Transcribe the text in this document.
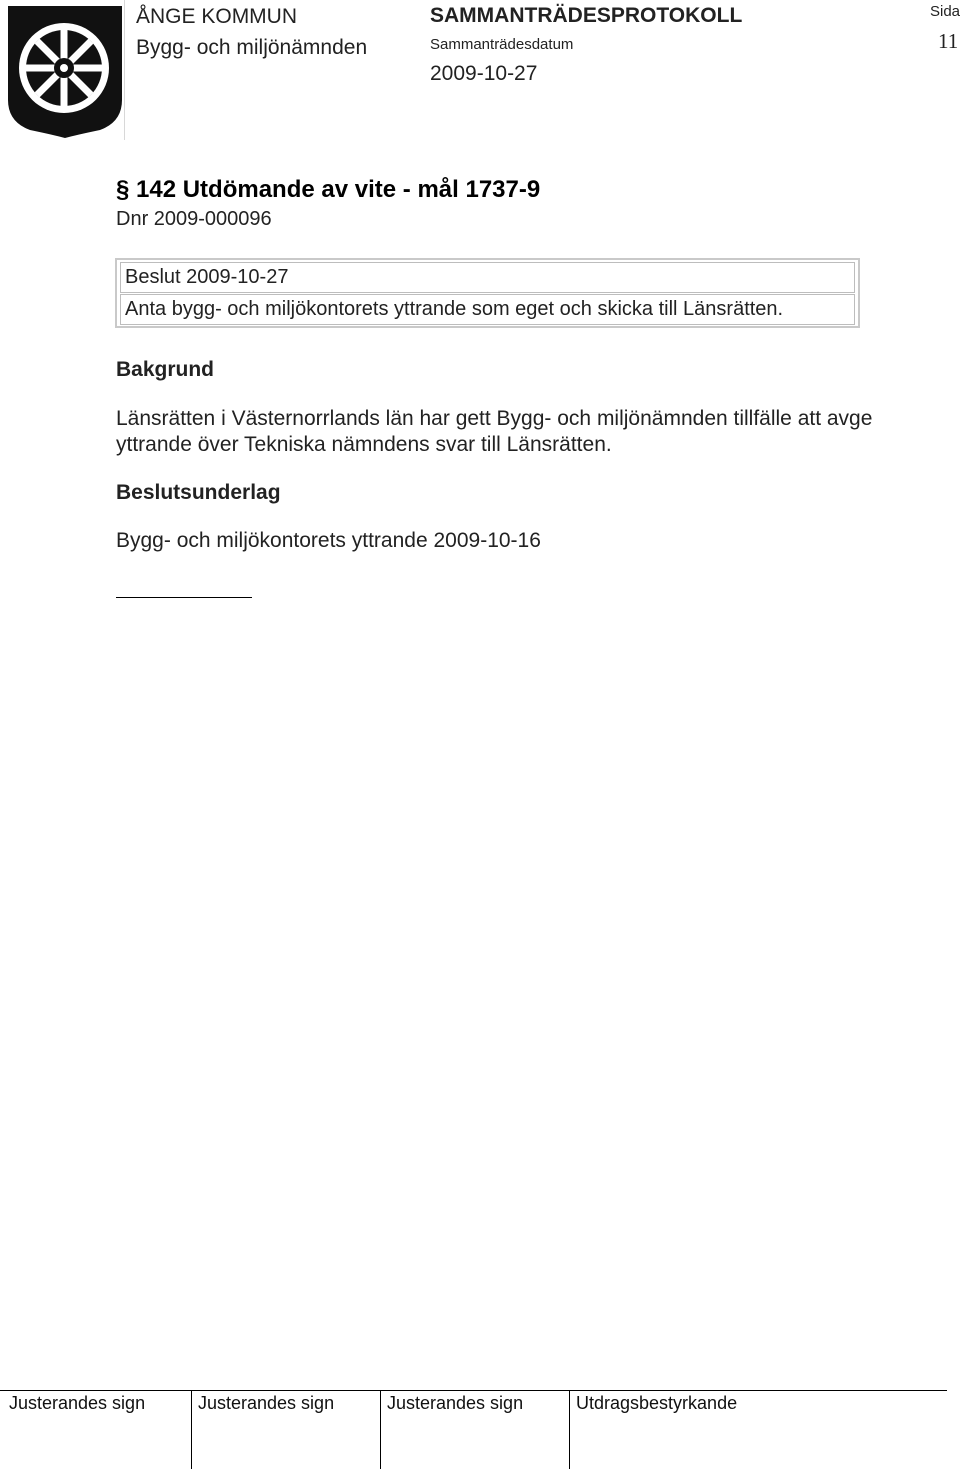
ÅNGE KOMMUN
Bygg- och miljönämnden
SAMMANTRÄDESPROTOKOLL
Sammanträdesdatum
2009-10-27
Sida
11
§ 142 Utdömande av vite - mål 1737-9
Dnr 2009-000096
Beslut 2009-10-27
Anta bygg- och miljökontorets yttrande som eget och skicka till Länsrätten.
Bakgrund
Länsrätten i Västernorrlands län har gett Bygg- och miljönämnden tillfälle att avge yttrande över Tekniska nämndens svar till Länsrätten.
Beslutsunderlag
Bygg- och miljökontorets yttrande 2009-10-16
Justerandes sign	Justerandes sign	Justerandes sign	Utdragsbestyrkande
